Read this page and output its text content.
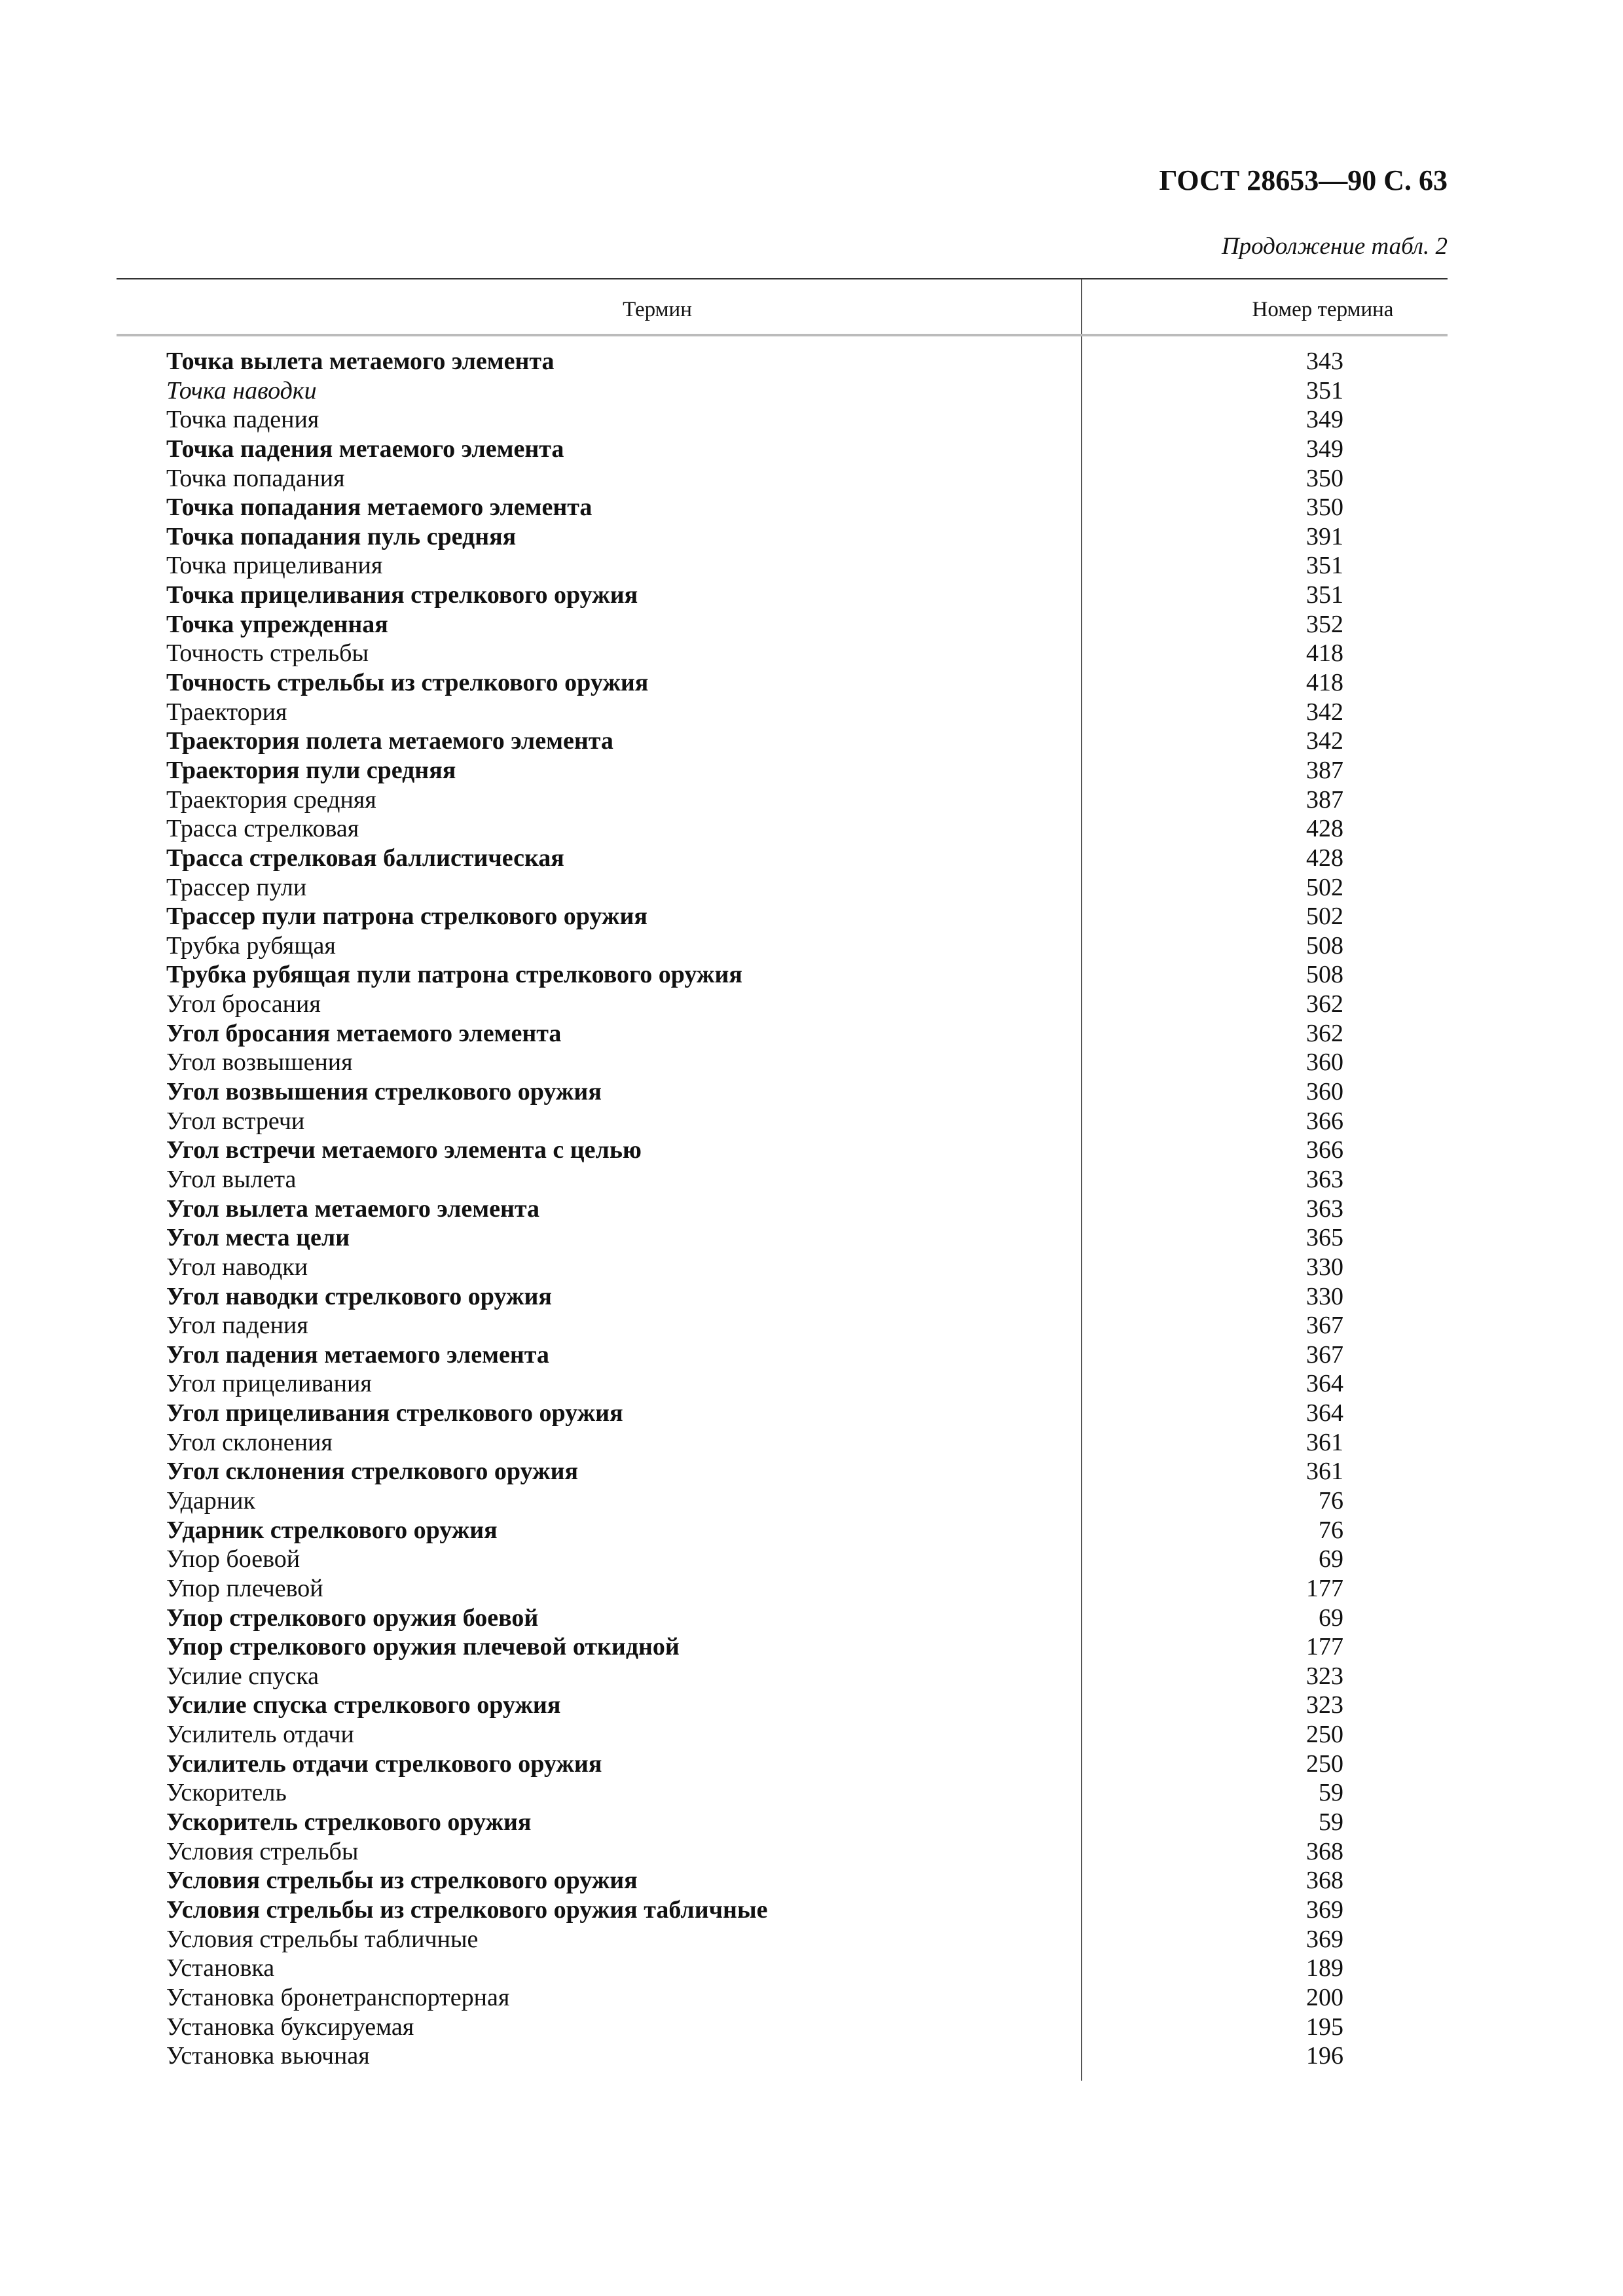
ГОСТ 28653—90 С. 63
Продолжение табл. 2
Термин	Номер термина
Точка вылета метаемого элемента	343
Точка наводки	351
Точка падения	349
Точка падения метаемого элемента	349
Точка попадания	350
Точка попадания метаемого элемента	350
Точка попадания пуль средняя	391
Точка прицеливания	351
Точка прицеливания стрелкового оружия	351
Точка упрежденная	352
Точность стрельбы	418
Точность стрельбы из стрелкового оружия	418
Траектория	342
Траектория полета метаемого элемента	342
Траектория пули средняя	387
Траектория средняя	387
Трасса стрелковая	428
Трасса стрелковая баллистическая	428
Трассер пули	502
Трассер пули патрона стрелкового оружия	502
Трубка рубящая	508
Трубка рубящая пули патрона стрелкового оружия	508
Угол бросания	362
Угол бросания метаемого элемента	362
Угол возвышения	360
Угол возвышения стрелкового оружия	360
Угол встречи	366
Угол встречи метаемого элемента с целью	366
Угол вылета	363
Угол вылета метаемого элемента	363
Угол места цели	365
Угол наводки	330
Угол наводки стрелкового оружия	330
Угол падения	367
Угол падения метаемого элемента	367
Угол прицеливания	364
Угол прицеливания стрелкового оружия	364
Угол склонения	361
Угол склонения стрелкового оружия	361
Ударник	76
Ударник стрелкового оружия	76
Упор боевой	69
Упор плечевой	177
Упор стрелкового оружия боевой	69
Упор стрелкового оружия плечевой откидной	177
Усилие спуска	323
Усилие спуска стрелкового оружия	323
Усилитель отдачи	250
Усилитель отдачи стрелкового оружия	250
Ускоритель	59
Ускоритель стрелкового оружия	59
Условия стрельбы	368
Условия стрельбы из стрелкового оружия	368
Условия стрельбы из стрелкового оружия табличные	369
Условия стрельбы табличные	369
Установка	189
Установка бронетранспортерная	200
Установка буксируемая	195
Установка вьючная	196
